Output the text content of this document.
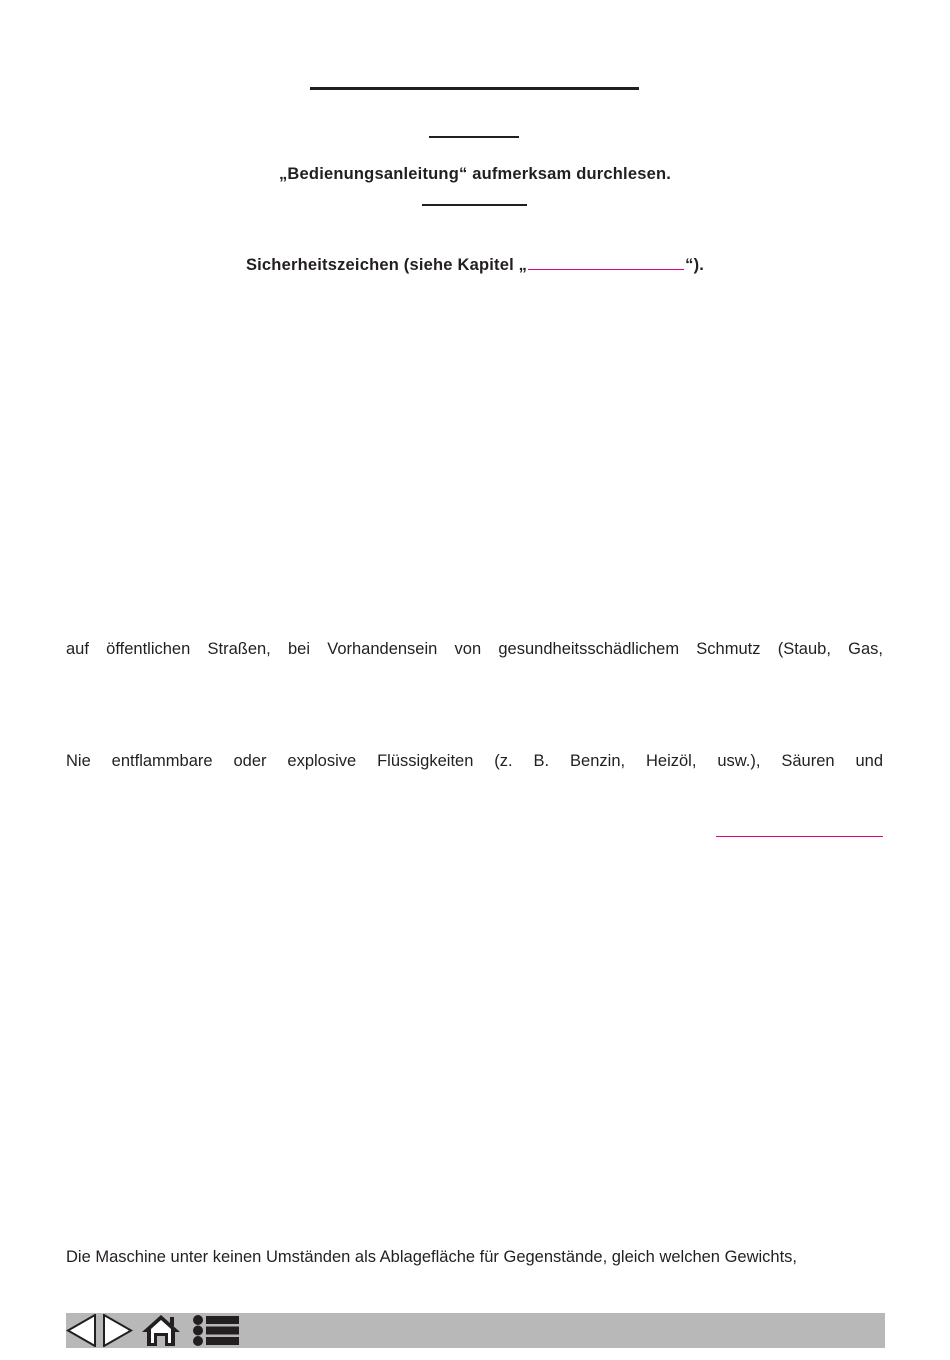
„Bedienungsanleitung“ aufmerksam durchlesen.
Sicherheitszeichen (siehe Kapitel „	“).
auf öffentlichen Straßen, bei Vorhandensein von gesundheitsschädlichem Schmutz (Staub, Gas,
Nie entflammbare oder explosive Flüssigkeiten (z. B. Benzin, Heizöl, usw.), Säuren und
Die Maschine unter keinen Umständen als Ablagefläche für Gegenstände, gleich welchen Gewichts,
